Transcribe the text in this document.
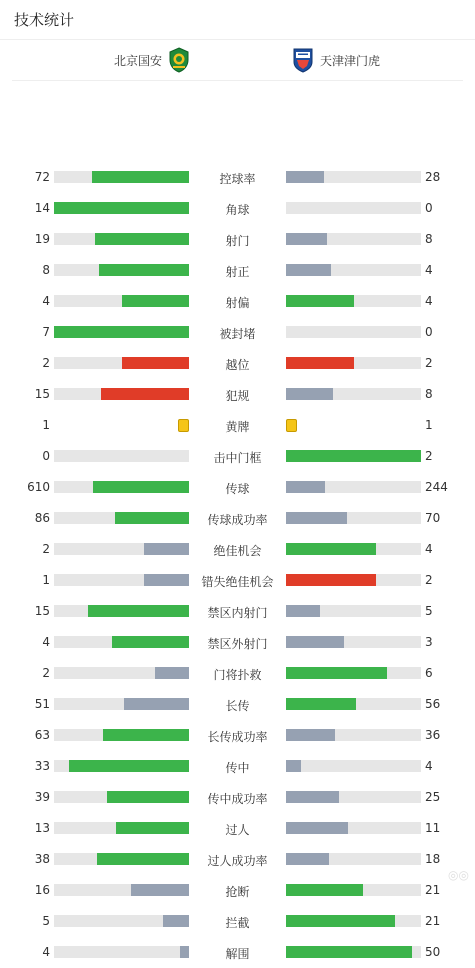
技术统计
北京国安	天津津门虎
72	控球率	28
14	角球	0
19	射门	8
8	射正	4
4	射偏	4
7	被封堵	0
2	越位	2
15	犯规	8
1	黄牌	1
0	击中门框	2
610	传球	244
86	传球成功率	70
2	绝佳机会	4
1	错失绝佳机会	2
15	禁区内射门	5
4	禁区外射门	3
2	门将扑救	6
51	长传	56
63	长传成功率	36
33	传中	4
39	传中成功率	25
13	过人	11
38	过人成功率	18
16	抢断	21
5	拦截	21
4	解围	50
◎◎
